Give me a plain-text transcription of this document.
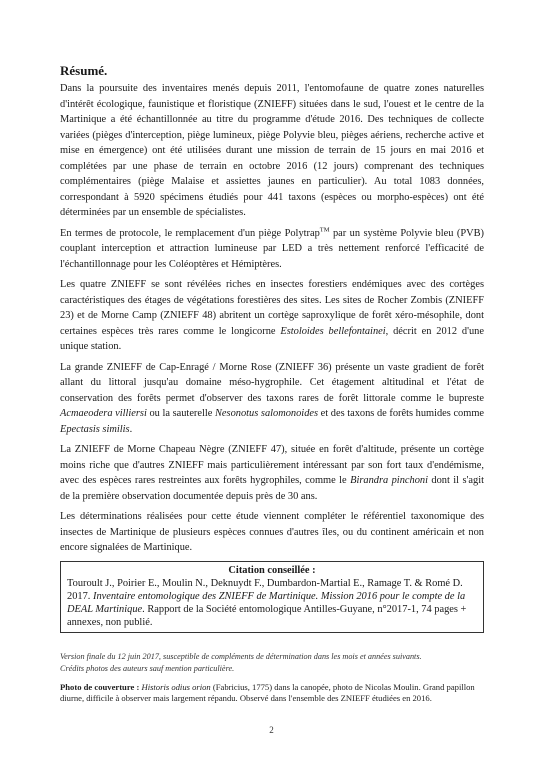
Résumé.

Dans la poursuite des inventaires menés depuis 2011, l'entomofaune de quatre zones naturelles d'intérêt écologique, faunistique et floristique (ZNIEFF) situées dans le sud, l'ouest et le centre de la Martinique a été échantillonnée au titre du programme d'étude 2016. Des techniques de collecte variées (pièges d'interception, piège lumineux, piège Polyvie bleu, pièges aériens, recherche active et mise en émergence) ont été utilisées durant une mission de terrain de 15 jours en mai 2016 et complétées par une phase de terrain en octobre 2016 (12 jours) comprenant des techniques complémentaires (piège Malaise et assiettes jaunes en particulier). Au total 1083 données, correspondant à 5920 spécimens étudiés pour 441 taxons (espèces ou morpho-espèces) ont été déterminées par un ensemble de spécialistes.

En termes de protocole, le remplacement d'un piège Polytrap™ par un système Polyvie bleu (PVB) couplant interception et attraction lumineuse par LED a très nettement renforcé l'efficacité de l'échantillonnage pour les Coléoptères et Hémiptères.

Les quatre ZNIEFF se sont révélées riches en insectes forestiers endémiques avec des cortèges caractéristiques des étages de végétations forestières des sites. Les sites de Rocher Zombis (ZNIEFF 23) et de Morne Camp (ZNIEFF 48) abritent un cortège saproxylique de forêt xéro-mésophile, dont certaines espèces très rares comme le longicorne Estoloides bellefontainei, décrit en 2012 d'une unique station.

La grande ZNIEFF de Cap-Enragé / Morne Rose (ZNIEFF 36) présente un vaste gradient de forêt allant du littoral jusqu'au domaine méso-hygrophile. Cet étagement altitudinal et l'état de conservation des forêts permet d'observer des taxons rares de forêt littorale comme le bupreste Acmaeodera villiersi ou la sauterelle Nesonotus salomonoides et des taxons de forêts humides comme Epectasis similis.

La ZNIEFF de Morne Chapeau Nègre (ZNIEFF 47), située en forêt d'altitude, présente un cortège moins riche que d'autres ZNIEFF mais particulièrement intéressant par son fort taux d'endémisme, avec des espèces rares restreintes aux forêts hygrophiles, comme le Birandra pinchoni dont il s'agit de la première observation documentée depuis près de 30 ans.

Les déterminations réalisées pour cette étude viennent compléter le référentiel taxonomique des insectes de Martinique de plusieurs espèces connues d'autres îles, ou du continent américain et non encore signalées de Martinique.

Citation conseillée :
Touroult J., Poirier E., Moulin N., Deknuydt F., Dumbardon-Martial E., Ramage T. & Romé D. 2017. Inventaire entomologique des ZNIEFF de Martinique. Mission 2016 pour le compte de la DEAL Martinique. Rapport de la Société entomologique Antilles-Guyane, n°2017-1, 74 pages + annexes, non publié.
Version finale du 12 juin 2017, susceptible de compléments de détermination dans les mois et années suivants.
Crédits photos des auteurs sauf mention particulière.
Photo de couverture : Historis odius orion (Fabricius, 1775) dans la canopée, photo de Nicolas Moulin. Grand papillon diurne, difficile à observer mais largement répandu. Observé dans l'ensemble des ZNIEFF étudiées en 2016.
2
